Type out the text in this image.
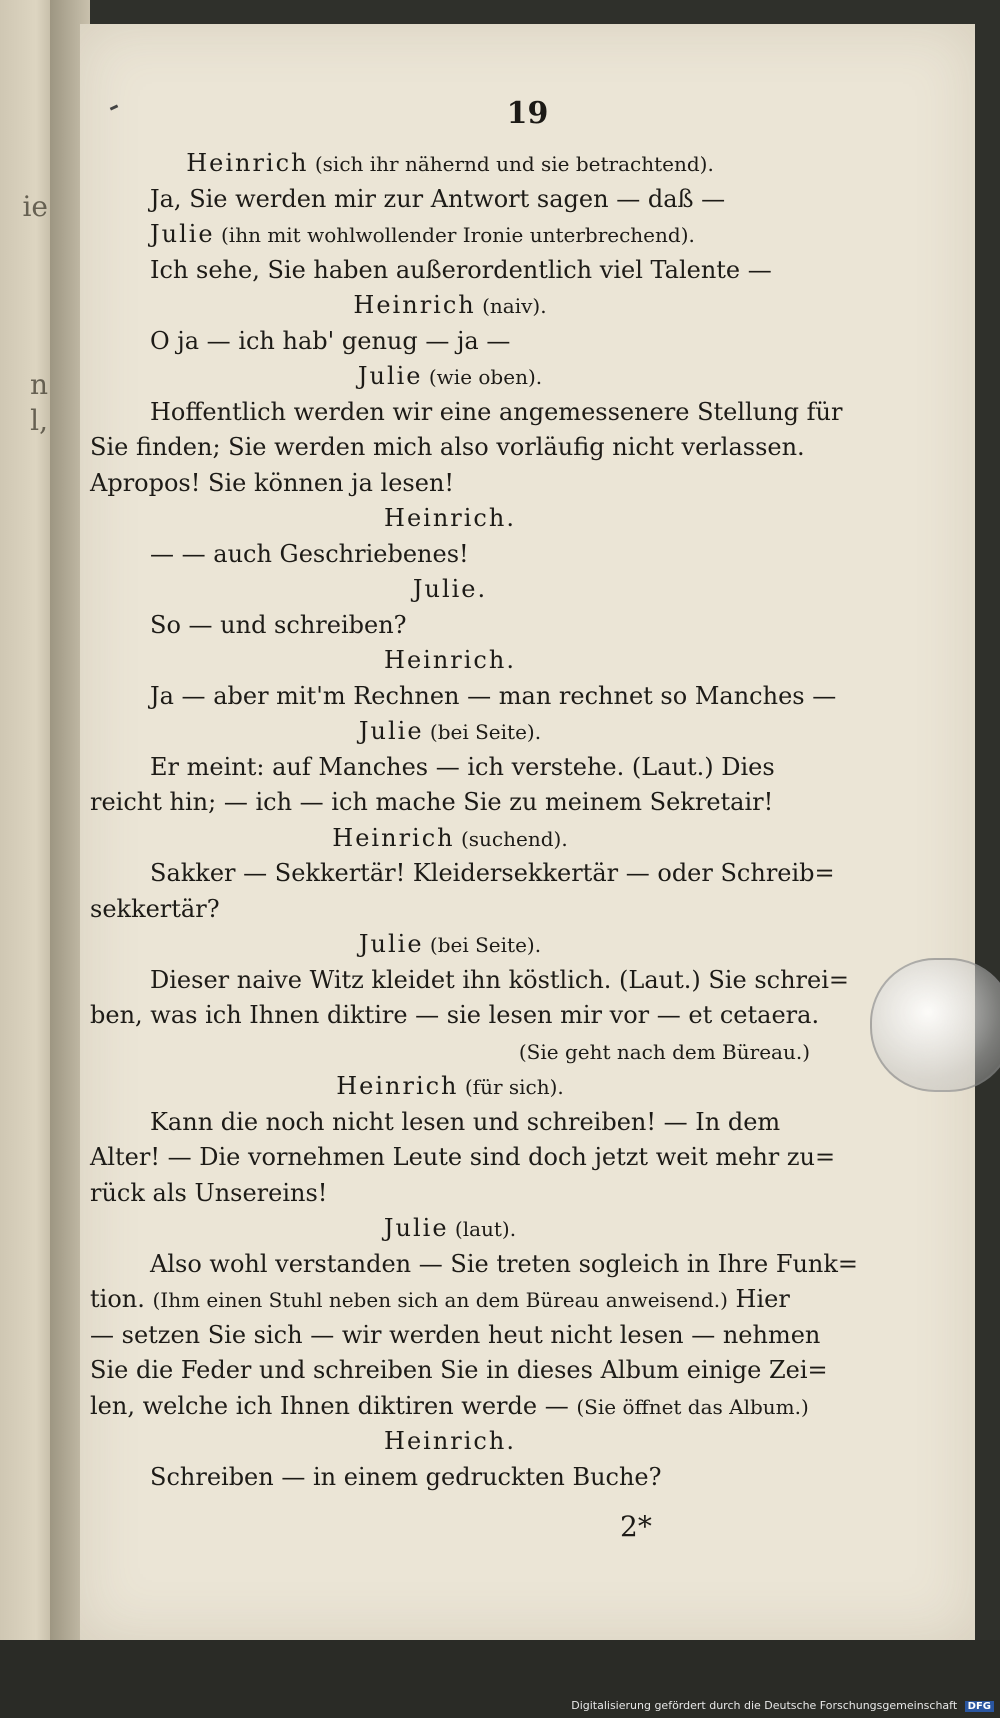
ie
n
l,
19
Heinrich (sich ihr nähernd und sie betrachtend).
Ja, Sie werden mir zur Antwort sagen — daß —
Julie (ihn mit wohlwollender Ironie unterbrechend).
Ich sehe, Sie haben außerordentlich viel Talente —
Heinrich (naiv).
O ja — ich hab' genug — ja —
Julie (wie oben).
Hoffentlich werden wir eine angemessenere Stellung für
Sie finden; Sie werden mich also vorläufig nicht verlassen.
Apropos! Sie können ja lesen!
Heinrich.
— — auch Geschriebenes!
Julie.
So — und schreiben?
Heinrich.
Ja — aber mit'm Rechnen — man rechnet so Manches —
Julie (bei Seite).
Er meint: auf Manches — ich verstehe. (Laut.) Dies
reicht hin; — ich — ich mache Sie zu meinem Sekretair!
Heinrich (suchend).
Sakker — Sekkertär! Kleidersekkertär — oder Schreib=
sekkertär?
Julie (bei Seite).
Dieser naive Witz kleidet ihn köstlich. (Laut.) Sie schrei=
ben, was ich Ihnen diktire — sie lesen mir vor — et cetaera.
(Sie geht nach dem Büreau.)
Heinrich (für sich).
Kann die noch nicht lesen und schreiben! — In dem
Alter! — Die vornehmen Leute sind doch jetzt weit mehr zu=
rück als Unsereins!
Julie (laut).
Also wohl verstanden — Sie treten sogleich in Ihre Funk=
tion. (Ihm einen Stuhl neben sich an dem Büreau anweisend.) Hier
— setzen Sie sich — wir werden heut nicht lesen — nehmen
Sie die Feder und schreiben Sie in dieses Album einige Zei=
len, welche ich Ihnen diktiren werde — (Sie öffnet das Album.)
Heinrich.
Schreiben — in einem gedruckten Buche?
2*
Digitalisierung gefördert durch die Deutsche Forschungsgemeinschaft DFG
